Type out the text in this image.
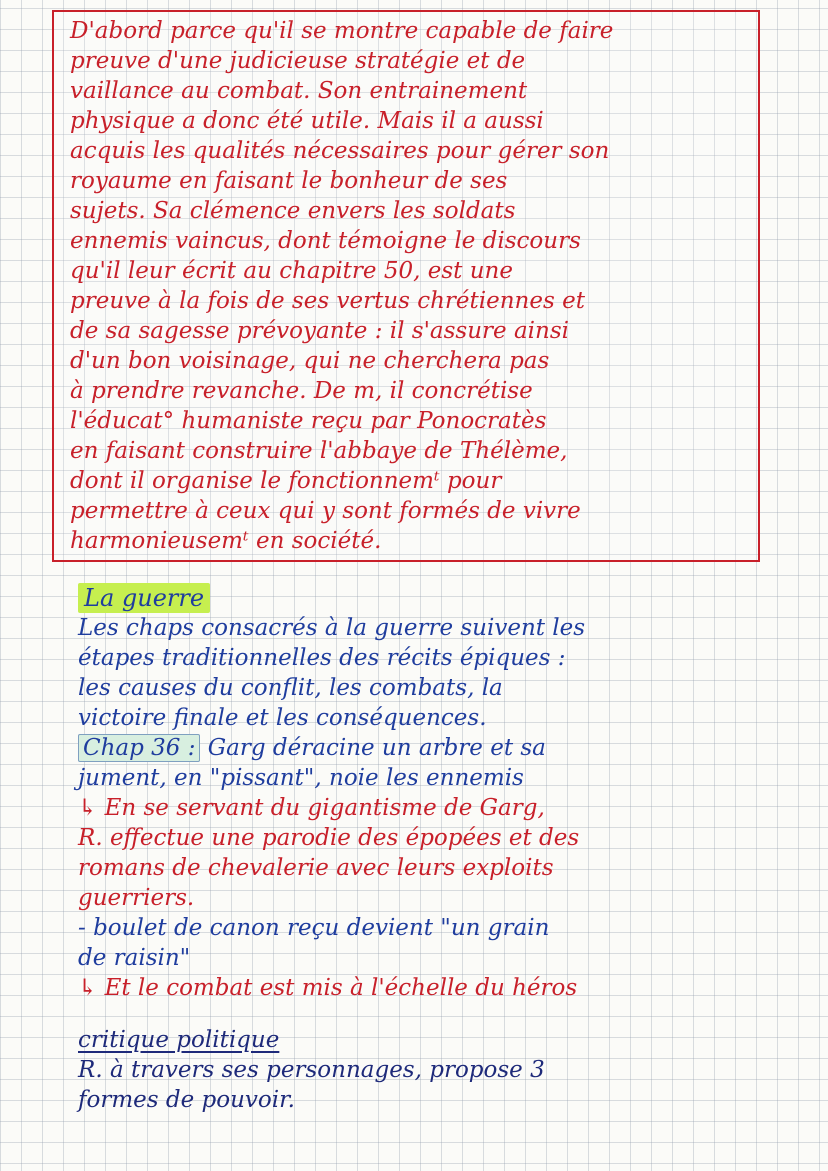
D'abord parce qu'il se montre capable de faire
preuve d'une judicieuse stratégie et de
vaillance au combat. Son entrainement
physique a donc été utile. Mais il a aussi
acquis les qualités nécessaires pour gérer son
royaume en faisant le bonheur de ses
sujets. Sa clémence envers les soldats
ennemis vaincus, dont témoigne le discours
qu'il leur écrit au chapitre 50, est une
preuve à la fois de ses vertus chrétiennes et
de sa sagesse prévoyante : il s'assure ainsi
d'un bon voisinage, qui ne cherchera pas
à prendre revanche. De m, il concrétise
l'éducat° humaniste reçu par Ponocratès
en faisant construire l'abbaye de Thélème,
dont il organise le fonctionnemᵗ pour
permettre à ceux qui y sont formés de vivre
harmonieusemᵗ en société.
La guerre
Les chaps consacrés à la guerre suivent les
étapes traditionnelles des récits épiques :
les causes du conflit, les combats, la
victoire finale et les conséquences.
Chap 36 : Garg déracine un arbre et sa
jument, en "pissant", noie les ennemis
↳ En se servant du gigantisme de Garg,
R. effectue une parodie des épopées et des
romans de chevalerie avec leurs exploits
guerriers.
- boulet de canon reçu devient "un grain
de raisin"
↳ Et le combat est mis à l'échelle du héros
critique politique
R. à travers ses personnages, propose 3
formes de pouvoir.
